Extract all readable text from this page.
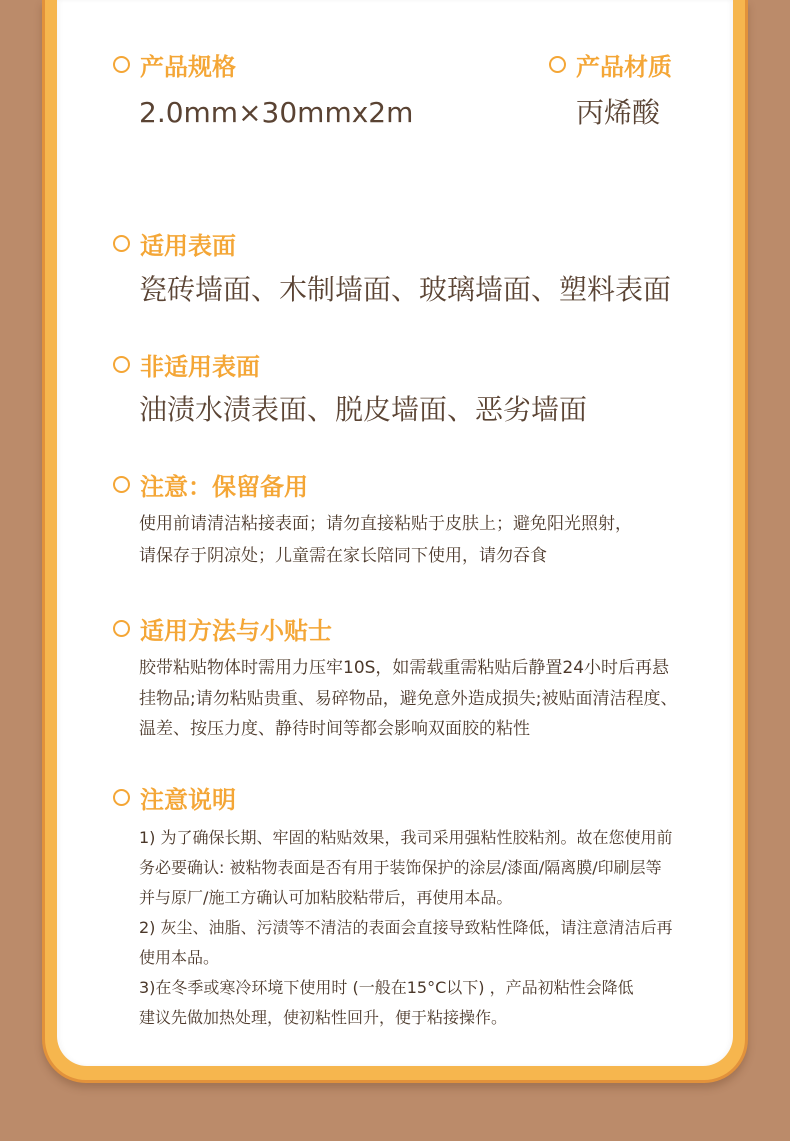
产品规格
2.0mm×30mmx2m
产品材质
丙烯酸
适用表面
瓷砖墙面、木制墙面、玻璃墙面、塑料表面
非适用表面
油渍水渍表面、脱皮墙面、恶劣墙面
注意：保留备用
使用前请清洁粘接表面；请勿直接粘贴于皮肤上；避免阳光照射，
请保存于阴凉处；儿童需在家长陪同下使用，请勿吞食
适用方法与小贴士
胶带粘贴物体时需用力压牢10S，如需载重需粘贴后静置24小时后再悬
挂物品;请勿粘贴贵重、易碎物品，避免意外造成损失;被贴面清洁程度、
温差、按压力度、静待时间等都会影响双面胶的粘性
注意说明
1) 为了确保长期、牢固的粘贴效果，我司采用强粘性胶粘剂。故在您使用前
务必要确认: 被粘物表面是否有用于装饰保护的涂层/漆面/隔离膜/印刷层等
并与原厂/施工方确认可加粘胶粘带后，再使用本品。
2) 灰尘、油脂、污渍等不清洁的表面会直接导致粘性降低，请注意清洁后再
使用本品。
3)在冬季或寒冷环境下使用时 (一般在15°C以下) ，产品初粘性会降低
建议先做加热处理，使初粘性回升，便于粘接操作。
